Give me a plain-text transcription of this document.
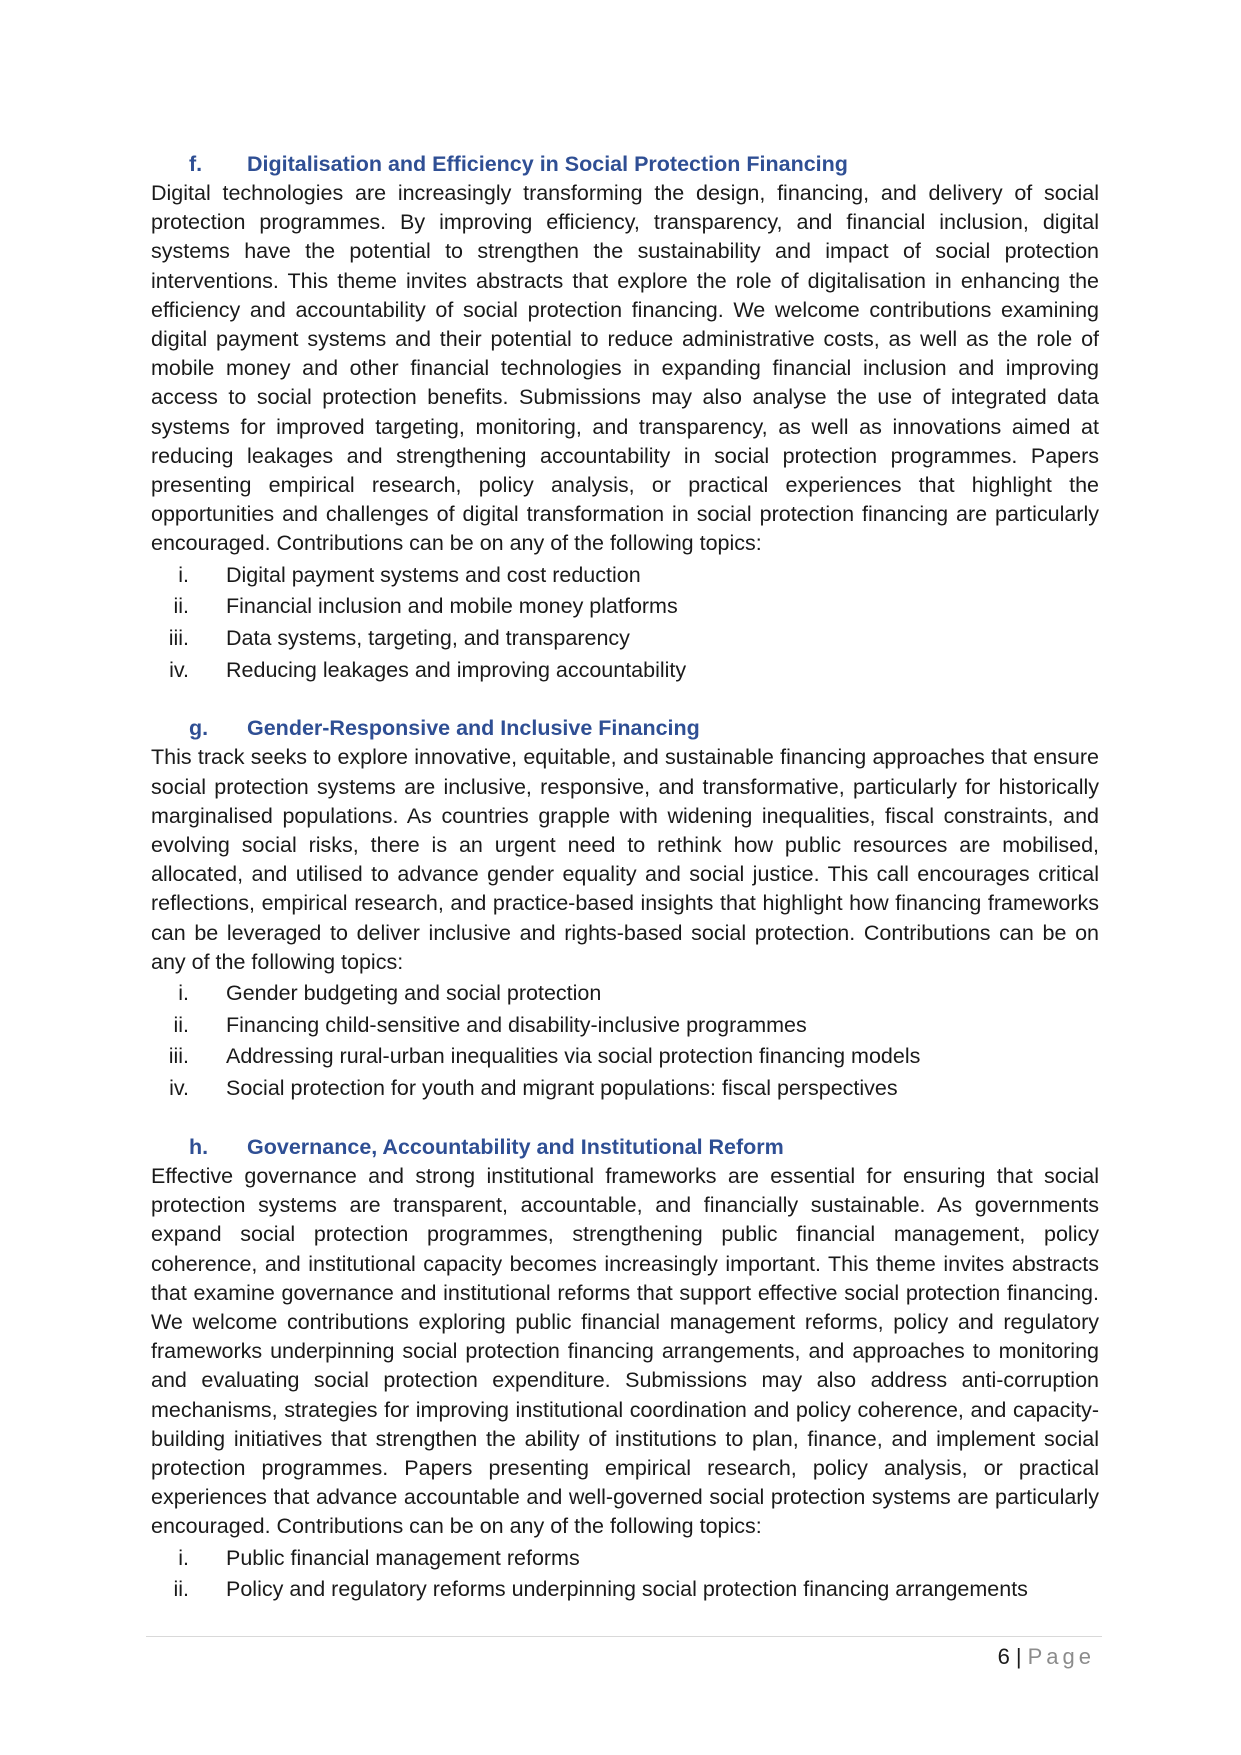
f.	Digitalisation and Efficiency in Social Protection Financing

Digital technologies are increasingly transforming the design, financing, and delivery of social protection programmes. By improving efficiency, transparency, and financial inclusion, digital systems have the potential to strengthen the sustainability and impact of social protection interventions. This theme invites abstracts that explore the role of digitalisation in enhancing the efficiency and accountability of social protection financing. We welcome contributions examining digital payment systems and their potential to reduce administrative costs, as well as the role of mobile money and other financial technologies in expanding financial inclusion and improving access to social protection benefits. Submissions may also analyse the use of integrated data systems for improved targeting, monitoring, and transparency, as well as innovations aimed at reducing leakages and strengthening accountability in social protection programmes. Papers presenting empirical research, policy analysis, or practical experiences that highlight the opportunities and challenges of digital transformation in social protection financing are particularly encouraged. Contributions can be on any of the following topics:

i. Digital payment systems and cost reduction
ii. Financial inclusion and mobile money platforms
iii. Data systems, targeting, and transparency
iv. Reducing leakages and improving accountability
g.	Gender-Responsive and Inclusive Financing

This track seeks to explore innovative, equitable, and sustainable financing approaches that ensure social protection systems are inclusive, responsive, and transformative, particularly for historically marginalised populations. As countries grapple with widening inequalities, fiscal constraints, and evolving social risks, there is an urgent need to rethink how public resources are mobilised, allocated, and utilised to advance gender equality and social justice. This call encourages critical reflections, empirical research, and practice-based insights that highlight how financing frameworks can be leveraged to deliver inclusive and rights-based social protection. Contributions can be on any of the following topics:

i. Gender budgeting and social protection
ii. Financing child-sensitive and disability-inclusive programmes
iii. Addressing rural-urban inequalities via social protection financing models
iv. Social protection for youth and migrant populations: fiscal perspectives
h.	Governance, Accountability and Institutional Reform

Effective governance and strong institutional frameworks are essential for ensuring that social protection systems are transparent, accountable, and financially sustainable. As governments expand social protection programmes, strengthening public financial management, policy coherence, and institutional capacity becomes increasingly important. This theme invites abstracts that examine governance and institutional reforms that support effective social protection financing. We welcome contributions exploring public financial management reforms, policy and regulatory frameworks underpinning social protection financing arrangements, and approaches to monitoring and evaluating social protection expenditure. Submissions may also address anti-corruption mechanisms, strategies for improving institutional coordination and policy coherence, and capacity-building initiatives that strengthen the ability of institutions to plan, finance, and implement social protection programmes. Papers presenting empirical research, policy analysis, or practical experiences that advance accountable and well-governed social protection systems are particularly encouraged. Contributions can be on any of the following topics:

i. Public financial management reforms
ii. Policy and regulatory reforms underpinning social protection financing arrangements
6 | Page
